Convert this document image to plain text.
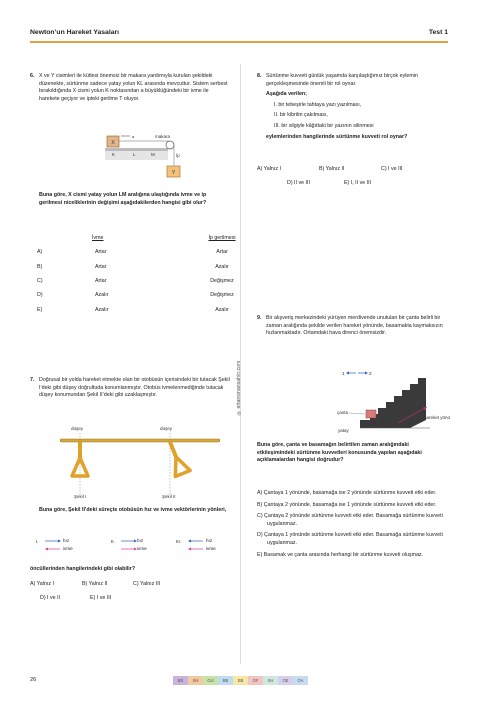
Newton’un Hareket Yasaları	Test 1
◎ ertansinansahin.com
6. X ve Y cisimleri ile kütlesi önemsiz bir makara yardımıyla kurulan şekildeki düzenekte, sürtünme sadece yatay yolun KL arasında mevcuttur. Sistem serbest bırakıldığında X cismi yolun K noktasından a büyüklüğündeki bir ivme ile harekete geçiyor ve ipteki gerilme T oluyor.
X
Y
a
K	L	M
makara
İp
Buna göre, X cismi yatay yolun LM aralığına ulaştığında ivme ve ip gerilmesi niceliklerinin değişimi aşağıdakilerden hangisi gibi olur?
	İvme	İp gerilmesi
A)	Artar	Artar
B)	Artar	Azalır
C)	Artar	Değişmez
D)	Azalır	Değişmez
E)	Azalır	Azalır
7. Doğrusal bir yolda hareket etmekte olan bir otobüsün içerisindeki bir tutacak Şekil I’deki gibi düşey doğrultuda konumlanmıştır. Otobüs ivmelenmediğinde tutacak düşey konumundan Şekil II’deki gibi uzaklaşmıştır.
düşey	düşey
Şekil I	Şekil II
Buna göre, Şekil II’deki süreçte otobüsün hız ve ivme vektörlerinin yönleri,
I.	hız
ivme
II.	hız
ivme
III.	hız
ivme
öncüllerinden hangilerindeki gibi olabilir?
A) Yalnız I	B) Yalnız II	C) Yalnız III
D) I ve II	E) I ve III
8. Sürtünme kuvveti günlük yaşamda karşılaştığımız birçok eylemin gerçekleşmesinde önemli bir rol oynar.
Aşağıda verilen;
I. bir tebeşirle tahtaya yazı yazılması,
II. bir kibritin çakılması,
III. bir silgiyle kâğıttaki bir yazının silinmesi
eylemlerinden hangilerinde sürtünme kuvveti rol oynar?
A) Yalnız I	B) Yalnız II	C) I ve III
D) II ve III	E) I, II ve III
9. Bir alışveriş merkezindeki yürüyen merdivende unutulan bir çanta belirli bir zaman aralığında şekilde verilen hareket yönünde, basamakta kaymaksızın hızlanmaktadır. Ortamdaki hava direnci önemsizdir.
1	2
çanta
hareket yönü
yatay
Buna göre, çanta ve basamağın belirtilen zaman aralığındaki etkileşimindeki sürtünme kuvvetleri konusunda yapılan aşağıdaki açıklamalardan hangisi doğrudur?
A) Çantaya 1 yönünde, basamağa ise 2 yönünde sürtünme kuvveti etki eder.
B) Çantaya 2 yönünde, basamağa ise 1 yönünde sürtünme kuvveti etki eder.
C) Çantaya 2 yönünde sürtünme kuvveti etki eder. Basamağa sürtünme kuvveti uygulanmaz.
D) Çantaya 1 yönünde sürtünme kuvveti etki eder. Basamağa sürtünme kuvveti uygulanmaz.
E) Basamak ve çanta arasında herhangi bir sürtünme kuvveti oluşmaz.
26	BS	SH	GU	BB	EB	OF	SH	OE	OA
